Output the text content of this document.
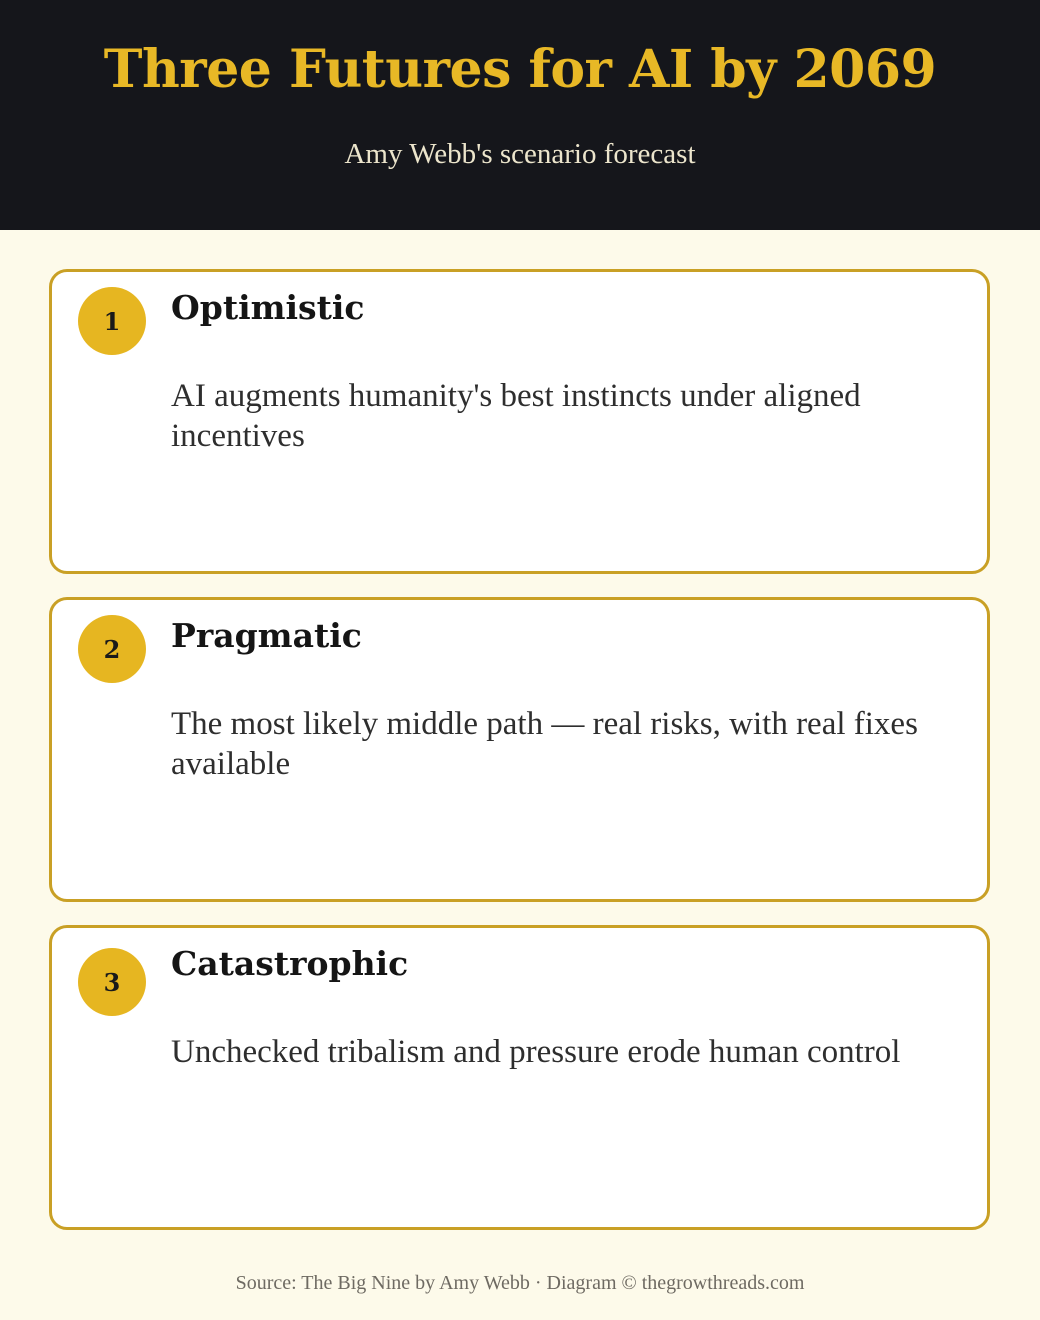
Three Futures for AI by 2069
Amy Webb's scenario forecast
1	Optimistic
AI augments humanity's best instincts under aligned incentives
2	Pragmatic
The most likely middle path — real risks, with real fixes available
3	Catastrophic
Unchecked tribalism and pressure erode human control
Source: The Big Nine by Amy Webb · Diagram © thegrowthreads.com
